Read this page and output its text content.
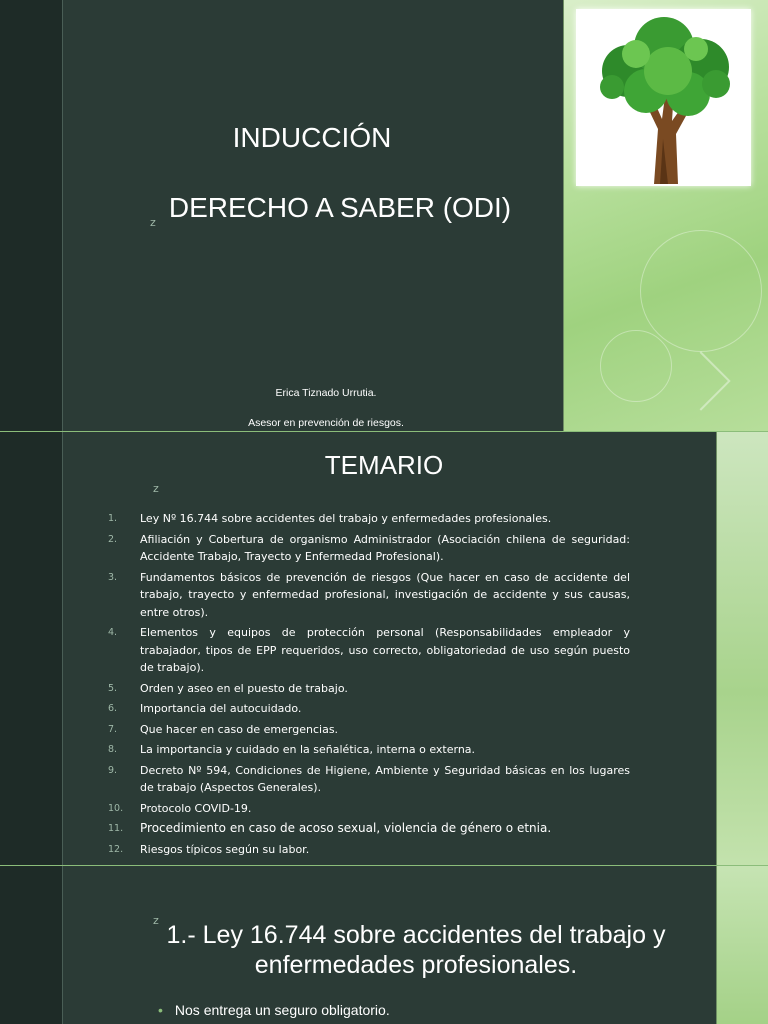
INDUCCIÓN
DERECHO A SABER (ODI)
z
Erica Tiznado Urrutia.
Asesor en prevención de riesgos.
TEMARIO
z
1.	Ley Nº 16.744 sobre accidentes del trabajo y enfermedades profesionales.
2.	Afiliación y Cobertura de organismo Administrador (Asociación chilena de seguridad: Accidente Trabajo, Trayecto y Enfermedad Profesional).
3.	Fundamentos básicos de prevención de riesgos (Que hacer en caso de accidente del trabajo, trayecto y enfermedad profesional, investigación de accidente y sus causas, entre otros).
4.	Elementos y equipos de protección personal (Responsabilidades empleador y trabajador, tipos de EPP requeridos, uso correcto, obligatoriedad de uso según puesto de trabajo).
5.	Orden y aseo en el puesto de trabajo.
6.	Importancia del autocuidado.
7.	Que hacer en caso de emergencias.
8.	La importancia y cuidado en la señalética, interna o externa.
9.	Decreto Nº 594, Condiciones de Higiene, Ambiente y Seguridad básicas en los lugares de trabajo (Aspectos Generales).
10.	Protocolo COVID-19.
11.	Procedimiento en caso de acoso sexual, violencia de género o etnia.
12.	Riesgos típicos según su labor.
z
1.- Ley 16.744 sobre accidentes del trabajo y enfermedades profesionales.
• Nos entrega un seguro obligatorio.
